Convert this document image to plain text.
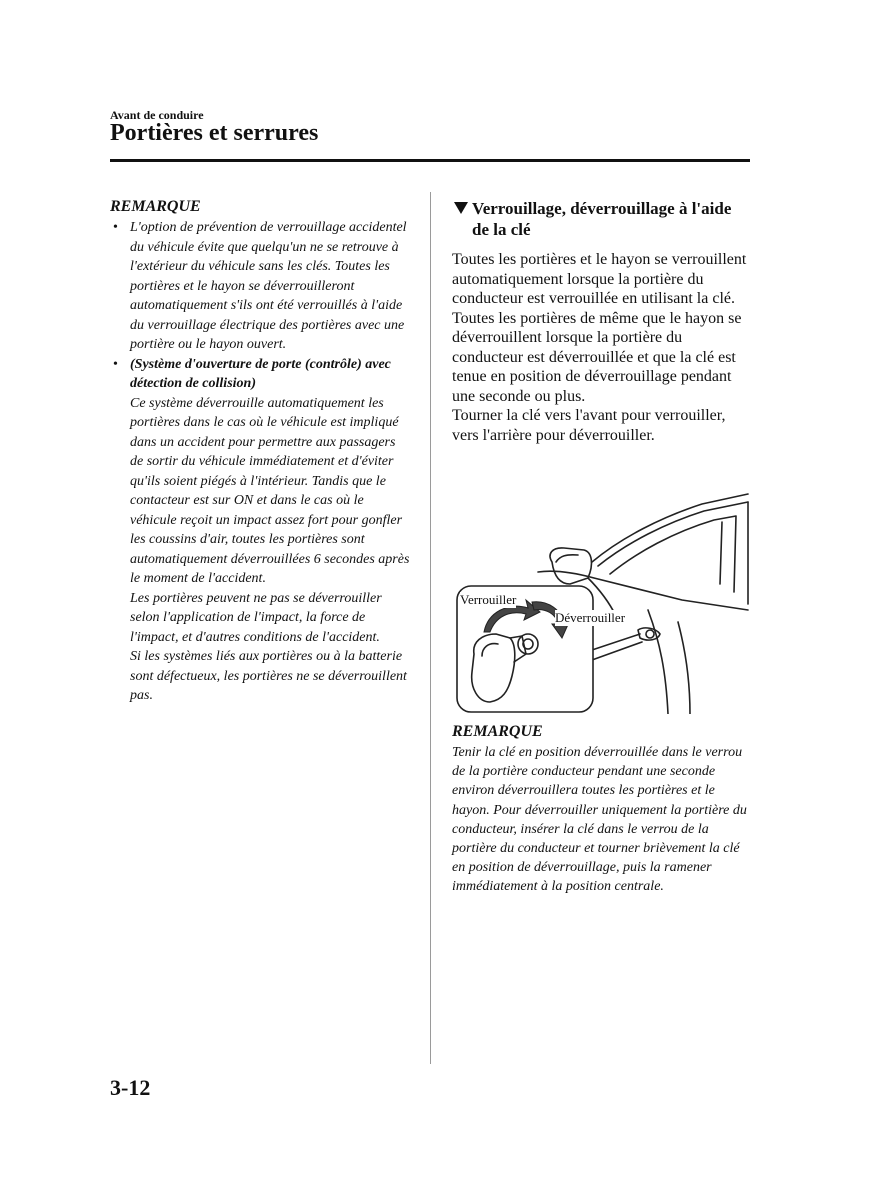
Avant de conduire
Portières et serrures
REMARQUE
• L'option de prévention de verrouillage accidentel du véhicule évite que quelqu'un ne se retrouve à l'extérieur du véhicule sans les clés. Toutes les portières et le hayon se déverrouilleront automatiquement s'ils ont été verrouillés à l'aide du verrouillage électrique des portières avec une portière ou le hayon ouvert.

• (Système d'ouverture de porte (contrôle) avec détection de collision)

Ce système déverrouille automatiquement les portières dans le cas où le véhicule est impliqué dans un accident pour permettre aux passagers de sortir du véhicule immédiatement et d'éviter qu'ils soient piégés à l'intérieur. Tandis que le contacteur est sur ON et dans le cas où le véhicule reçoit un impact assez fort pour gonfler les coussins d'air, toutes les portières sont automatiquement déverrouillées 6 secondes après le moment de l'accident.

Les portières peuvent ne pas se déverrouiller selon l'application de l'impact, la force de l'impact, et d'autres conditions de l'accident.

Si les systèmes liés aux portières ou à la batterie sont défectueux, les portières ne se déverrouillent pas.

Verrouillage, déverrouillage à l'aide de la clé

Toutes les portières et le hayon se verrouillent automatiquement lorsque la portière du conducteur est verrouillée en utilisant la clé.

Toutes les portières de même que le hayon se déverrouillent lorsque la portière du conducteur est déverrouillée et que la clé est tenue en position de déverrouillage pendant une seconde ou plus.

Tourner la clé vers l'avant pour verrouiller, vers l'arrière pour déverrouiller.

Verrouiller
Déverrouiller
REMARQUE

Tenir la clé en position déverrouillée dans le verrou de la portière conducteur pendant une seconde environ déverrouillera toutes les portières et le hayon. Pour déverrouiller uniquement la portière du conducteur, insérer la clé dans le verrou de la portière du conducteur et tourner brièvement la clé en position de déverrouillage, puis la ramener immédiatement à la position centrale.

3-12
